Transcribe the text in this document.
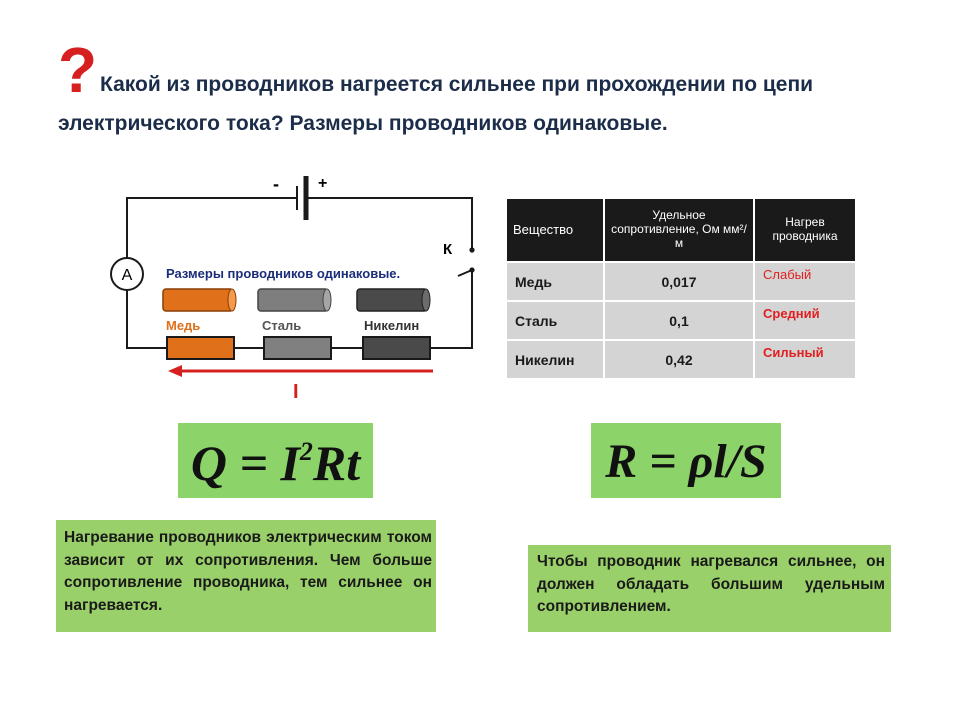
? Какой из проводников нагреется сильнее при прохождении по цепи
электрического тока? Размеры проводников одинаковые.
- +
A
К
Размеры проводников одинаковые.
Медь	Сталь	Никелин
I
Вещество	Удельное сопротивление, Ом мм²/м	Нагрев проводника
Медь	0,017	Слабый
Сталь	0,1	Средний
Никелин	0,42	Сильный
$Q = I^2Rt$	R = ρl/S
Нагревание проводников электрическим током зависит от их сопротивления. Чем больше сопротивление проводника, тем сильнее он нагревается.
Чтобы проводник нагревался сильнее, он должен обладать большим удельным сопротивлением.
